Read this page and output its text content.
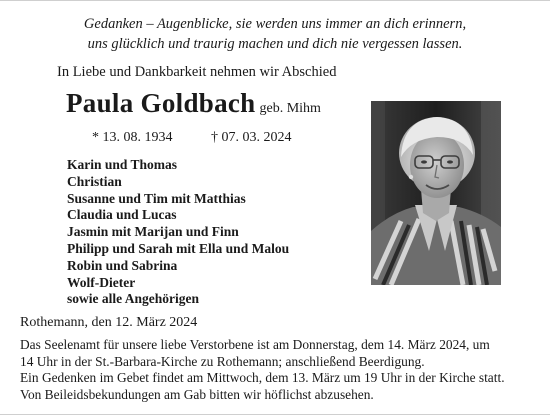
Gedanken – Augenblicke, sie werden uns immer an dich erinnern,
uns glücklich und traurig machen und dich nie vergessen lassen.
In Liebe und Dankbarkeit nehmen wir Abschied
Paula Goldbach geb. Mihm
* 13. 08. 1934	† 07. 03. 2024
Karin und Thomas
Christian
Susanne und Tim mit Matthias
Claudia und Lucas
Jasmin mit Marijan und Finn
Philipp und Sarah mit Ella und Malou
Robin und Sabrina
Wolf-Dieter
sowie alle Angehörigen
Rothemann, den 12. März 2024
Das Seelenamt für unsere liebe Verstorbene ist am Donnerstag, dem 14. März 2024, um
14 Uhr in der St.-Barbara-Kirche zu Rothemann; anschließend Beerdigung.
Ein Gedenken im Gebet findet am Mittwoch, dem 13. März um 19 Uhr in der Kirche statt.
Von Beileidsbekundungen am Gab bitten wir höflichst abzusehen.
